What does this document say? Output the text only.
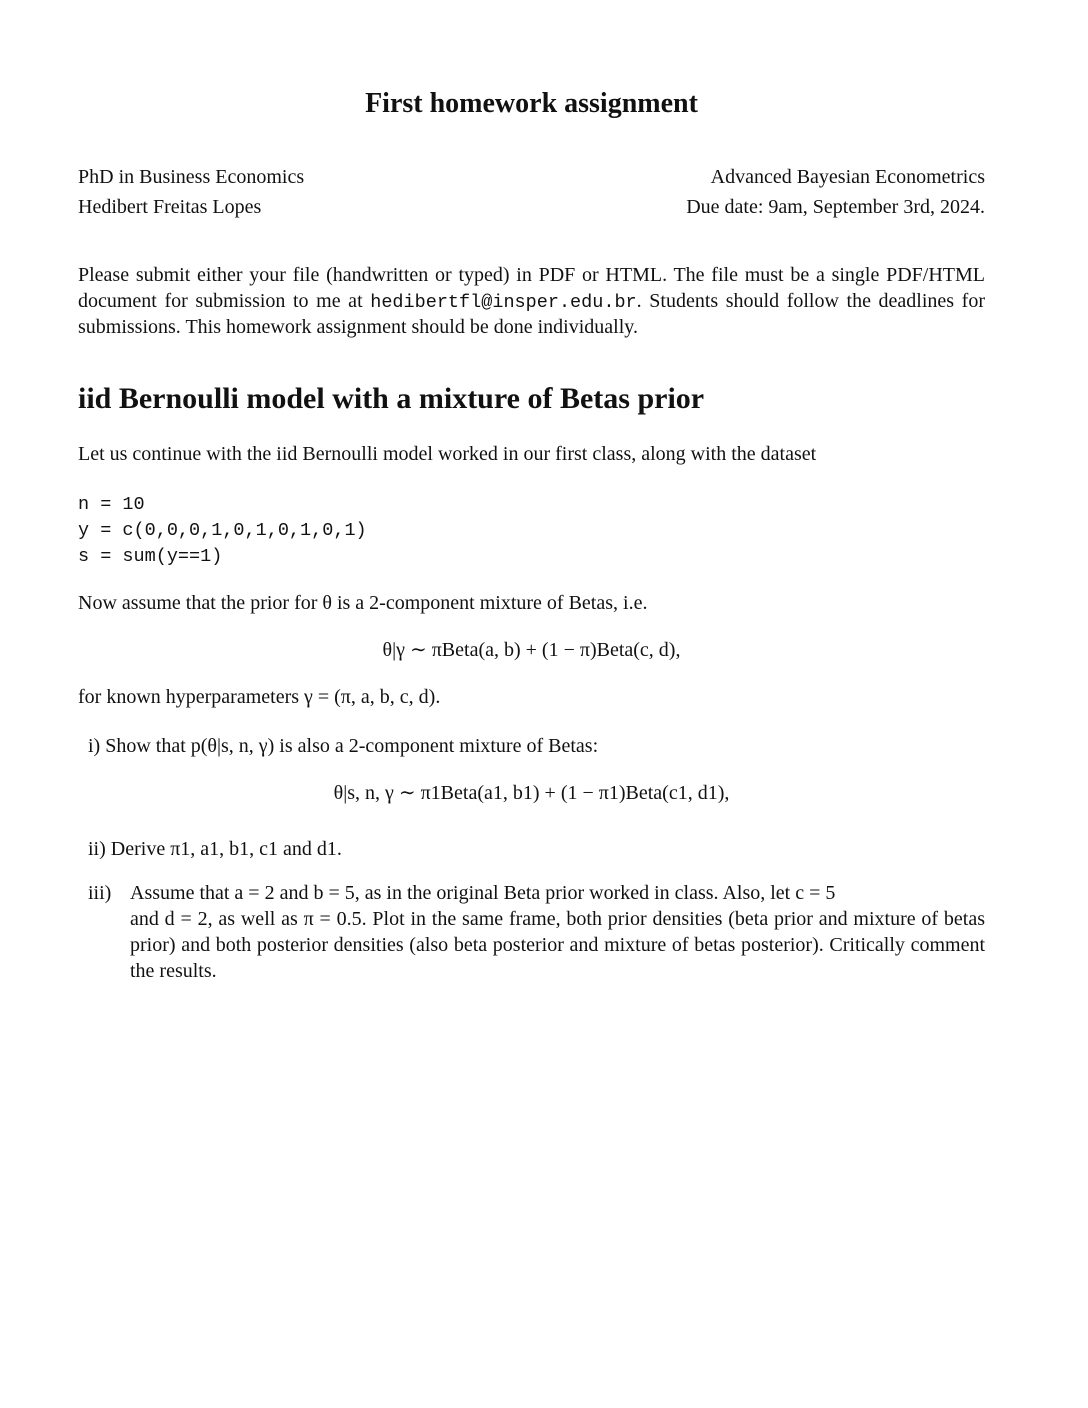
First homework assignment
PhD in Business Economics	Advanced Bayesian Econometrics
Hedibert Freitas Lopes	Due date: 9am, September 3rd, 2024.
Please submit either your file (handwritten or typed) in PDF or HTML. The file must be a single PDF/HTML document for submission to me at hedibertfl@insper.edu.br. Students should follow the deadlines for submissions. This homework assignment should be done individually.
iid Bernoulli model with a mixture of Betas prior
Let us continue with the iid Bernoulli model worked in our first class, along with the dataset
n = 10
y = c(0,0,0,1,0,1,0,1,0,1)
s = sum(y==1)
Now assume that the prior for θ is a 2-component mixture of Betas, i.e.
θ|γ ∼ πBeta(a, b) + (1 − π)Beta(c, d),
for known hyperparameters γ = (π, a, b, c, d).
i) Show that p(θ|s, n, γ) is also a 2-component mixture of Betas:
θ|s, n, γ ∼ π1Beta(a1, b1) + (1 − π1)Beta(c1, d1),
ii) Derive π1, a1, b1, c1 and d1.
iii) Assume that a = 2 and b = 5, as in the original Beta prior worked in class. Also, let c = 5
and d = 2, as well as π = 0.5. Plot in the same frame, both prior densities (beta prior and mixture of betas prior) and both posterior densities (also beta posterior and mixture of betas posterior). Critically comment the results.
